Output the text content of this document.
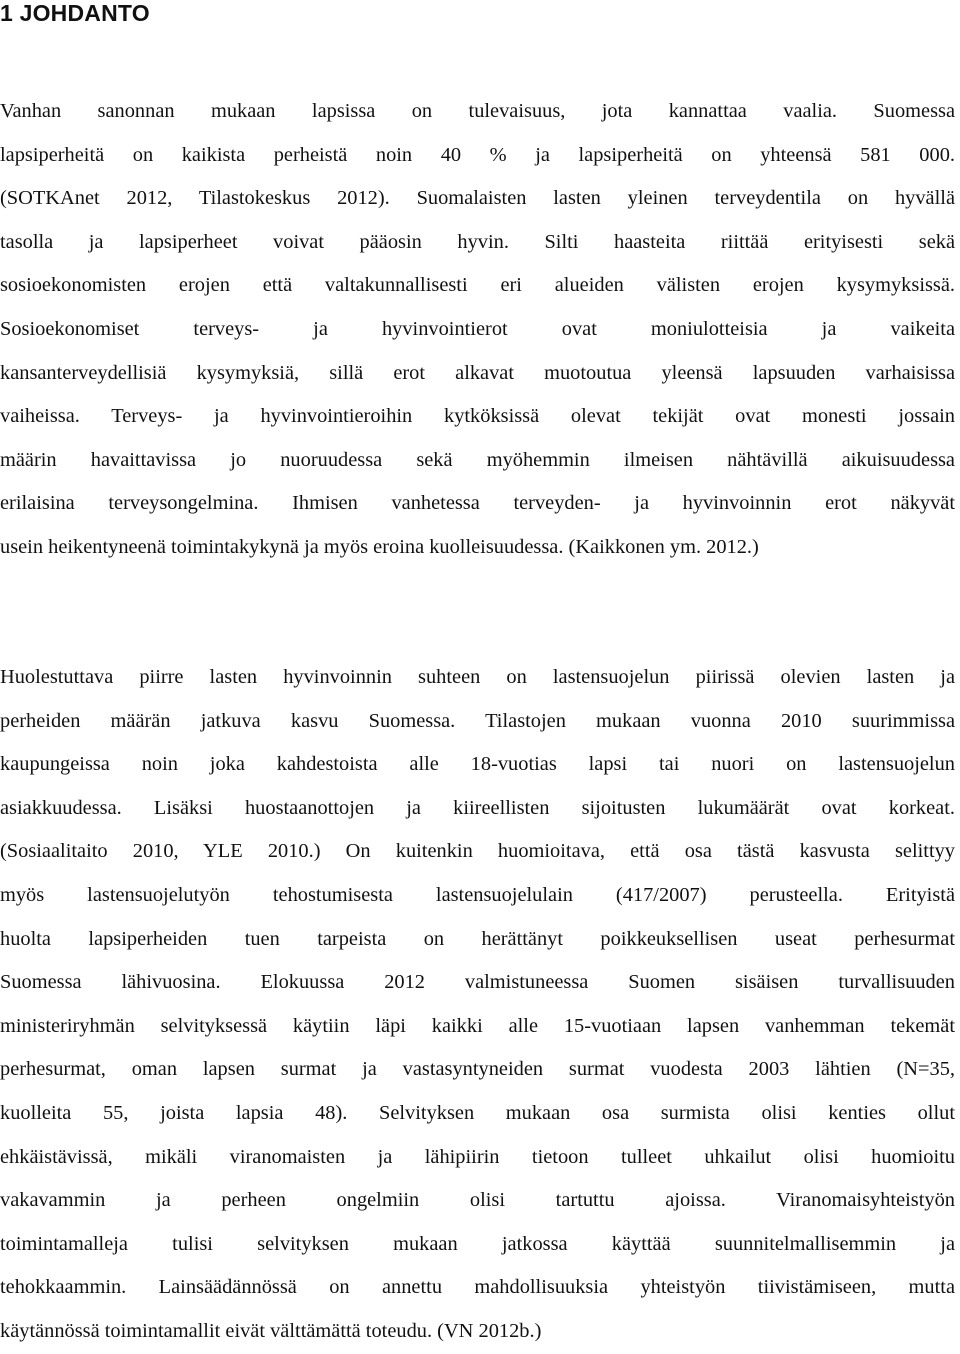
1 JOHDANTO
Vanhan sanonnan mukaan lapsissa on tulevaisuus, jota kannattaa vaalia. Suomessa
lapsiperheitä on kaikista perheistä noin 40 % ja lapsiperheitä on yhteensä 581 000.
(SOTKAnet 2012, Tilastokeskus 2012). Suomalaisten lasten yleinen terveydentila on hyvällä
tasolla ja lapsiperheet voivat pääosin hyvin. Silti haasteita riittää erityisesti sekä
sosioekonomisten erojen että valtakunnallisesti eri alueiden välisten erojen kysymyksissä.
Sosioekonomiset terveys- ja hyvinvointierot ovat moniulotteisia ja vaikeita
kansanterveydellisiä kysymyksiä, sillä erot alkavat muotoutua yleensä lapsuuden varhaisissa
vaiheissa. Terveys- ja hyvinvointieroihin kytköksissä olevat tekijät ovat monesti jossain
määrin havaittavissa jo nuoruudessa sekä myöhemmin ilmeisen nähtävillä aikuisuudessa
erilaisina terveysongelmina. Ihmisen vanhetessa terveyden- ja hyvinvoinnin erot näkyvät
usein heikentyneenä toimintakykynä ja myös eroina kuolleisuudessa. (Kaikkonen ym. 2012.)
Huolestuttava piirre lasten hyvinvoinnin suhteen on lastensuojelun piirissä olevien lasten ja
perheiden määrän jatkuva kasvu Suomessa. Tilastojen mukaan vuonna 2010 suurimmissa
kaupungeissa noin joka kahdestoista alle 18-vuotias lapsi tai nuori on lastensuojelun
asiakkuudessa. Lisäksi huostaanottojen ja kiireellisten sijoitusten lukumäärät ovat korkeat.
(Sosiaalitaito 2010, YLE 2010.) On kuitenkin huomioitava, että osa tästä kasvusta selittyy
myös lastensuojelutyön tehostumisesta lastensuojelulain (417/2007) perusteella. Erityistä
huolta lapsiperheiden tuen tarpeista on herättänyt poikkeuksellisen useat perhesurmat
Suomessa lähivuosina. Elokuussa 2012 valmistuneessa Suomen sisäisen turvallisuuden
ministeriryhmän selvityksessä käytiin läpi kaikki alle 15-vuotiaan lapsen vanhemman tekemät
perhesurmat, oman lapsen surmat ja vastasyntyneiden surmat vuodesta 2003 lähtien (N=35,
kuolleita 55, joista lapsia 48). Selvityksen mukaan osa surmista olisi kenties ollut
ehkäistävissä, mikäli viranomaisten ja lähipiirin tietoon tulleet uhkailut olisi huomioitu
vakavammin ja perheen ongelmiin olisi tartuttu ajoissa. Viranomaisyhteistyön
toimintamalleja tulisi selvityksen mukaan jatkossa käyttää suunnitelmallisemmin ja
tehokkaammin. Lainsäädännössä on annettu mahdollisuuksia yhteistyön tiivistämiseen, mutta
käytännössä toimintamallit eivät välttämättä toteudu. (VN 2012b.)
